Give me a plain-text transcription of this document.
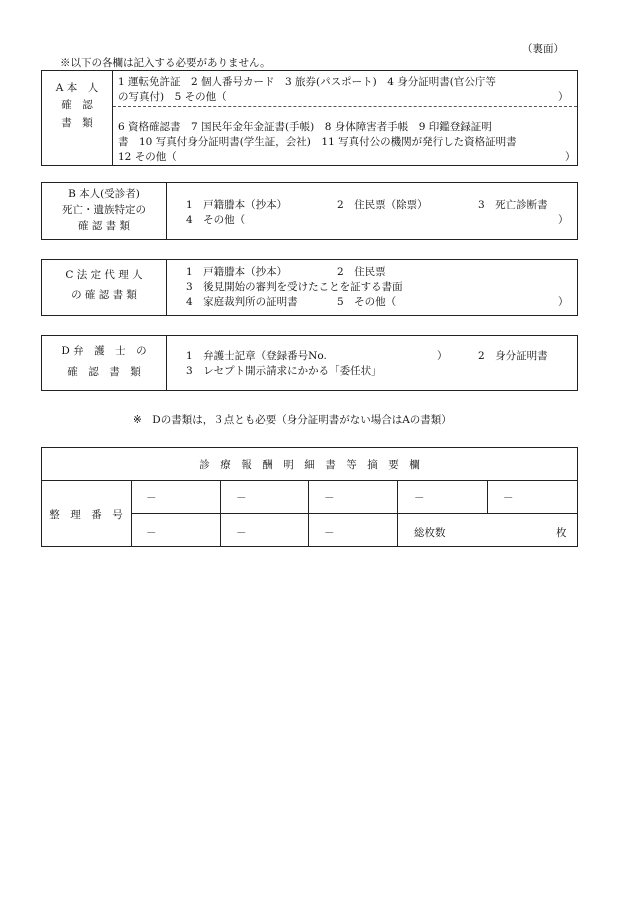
（裏面）
※以下の各欄は記入する必要がありません。
A 本　人
確　認
書　類
1 運転免許証　2 個人番号カード　3 旅券(パスポート)　4 身分証明書(官公庁等
の写真付)　5 その他（	）
6 資格確認書　7 国民年金年金証書(手帳)　8 身体障害者手帳　9 印鑑登録証明
書　10 写真付身分証明書(学生証，会社)　11 写真付公の機関が発行した資格証明書
12 その他（	）
B 本人(受診者)
死亡・遺族特定の
確 認 書 類
1　戸籍謄本（抄本）	2　住民票（除票）	3　死亡診断書
4　その他（	）
C 法 定 代 理 人
の 確 認 書 類
1　戸籍謄本（抄本）	2　住民票
3　後見開始の審判を受けたことを証する書面
4　家庭裁判所の証明書	5　その他（	）
D 弁　護　士　の
確　認　書　類
1　弁護士記章（登録番号No.	）	2　身分証明書
3　レセプト開示請求にかかる「委任状」
※　Dの書類は，３点とも必要（身分証明書がない場合はAの書類）
診　療　報　酬　明　細　書　等　摘　要　欄
整　理　番　号
－	－	－	－	－
－	－	－	総枚数	枚
